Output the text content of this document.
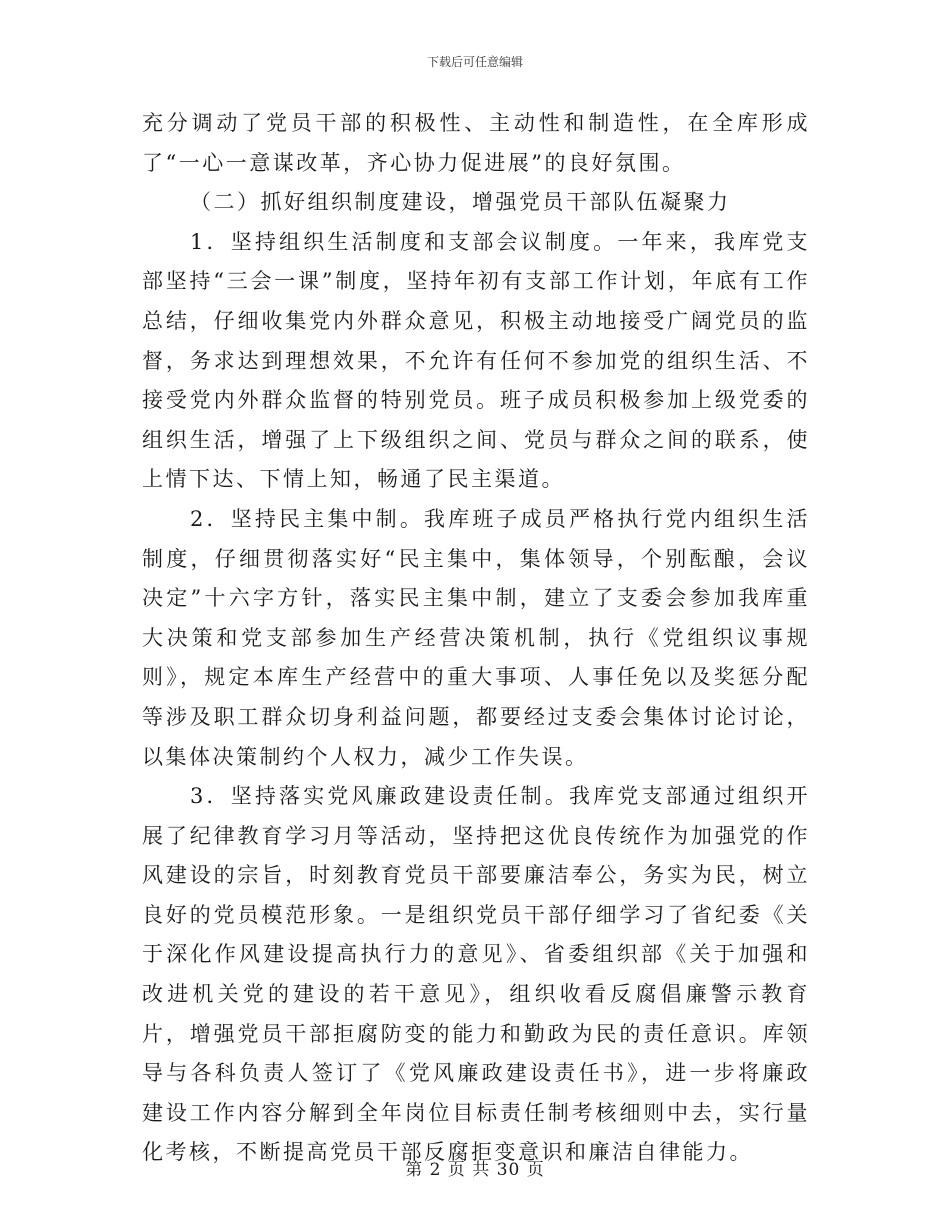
下载后可任意编辑

充分调动了党员干部的积极性、主动性和制造性，在全库形成了“一心一意谋改革，齐心协力促进展”的良好氛围。

（二）抓好组织制度建设，增强党员干部队伍凝聚力

1．坚持组织生活制度和支部会议制度。一年来，我库党支部坚持“三会一课”制度，坚持年初有支部工作计划，年底有工作总结，仔细收集党内外群众意见，积极主动地接受广阔党员的监督，务求达到理想效果，不允许有任何不参加党的组织生活、不接受党内外群众监督的特别党员。班子成员积极参加上级党委的组织生活，增强了上下级组织之间、党员与群众之间的联系，使上情下达、下情上知，畅通了民主渠道。

2．坚持民主集中制。我库班子成员严格执行党内组织生活制度，仔细贯彻落实好“民主集中，集体领导，个别酝酿，会议决定”十六字方针，落实民主集中制，建立了支委会参加我库重大决策和党支部参加生产经营决策机制，执行《党组织议事规则》，规定本库生产经营中的重大事项、人事任免以及奖惩分配等涉及职工群众切身利益问题，都要经过支委会集体讨论讨论，以集体决策制约个人权力，减少工作失误。

3．坚持落实党风廉政建设责任制。我库党支部通过组织开展了纪律教育学习月等活动，坚持把这优良传统作为加强党的作风建设的宗旨，时刻教育党员干部要廉洁奉公，务实为民，树立良好的党员模范形象。一是组织党员干部仔细学习了省纪委《关于深化作风建设提高执行力的意见》、省委组织部《关于加强和改进机关党的建设的若干意见》，组织收看反腐倡廉警示教育片，增强党员干部拒腐防变的能力和勤政为民的责任意识。库领导与各科负责人签订了《党风廉政建设责任书》，进一步将廉政建设工作内容分解到全年岗位目标责任制考核细则中去，实行量化考核，不断提高党员干部反腐拒变意识和廉洁自律能力。

第 2 页 共 30 页
